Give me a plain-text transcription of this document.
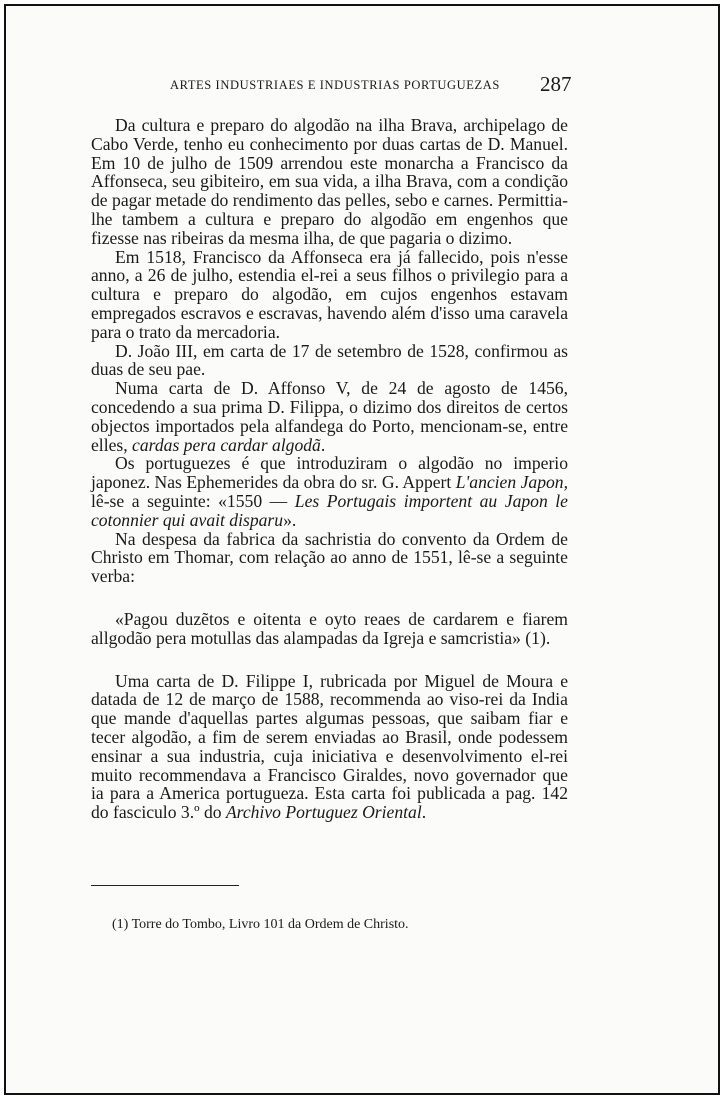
ARTES INDUSTRIAES E INDUSTRIAS PORTUGUEZAS	287

Da cultura e preparo do algodão na ilha Brava, archipelago de Cabo Verde, tenho eu conhecimento por duas cartas de D. Manuel. Em 10 de julho de 1509 arrendou este monarcha a Francisco da Affonseca, seu gibiteiro, em sua vida, a ilha Brava, com a condição de pagar metade do rendimento das pelles, sebo e carnes. Permittia-lhe tambem a cultura e preparo do algodão em engenhos que fizesse nas ribeiras da mesma ilha, de que pagaria o dizimo.

Em 1518, Francisco da Affonseca era já fallecido, pois n'esse anno, a 26 de julho, estendia el-rei a seus filhos o privilegio para a cultura e preparo do algodão, em cujos engenhos estavam empregados escravos e escravas, havendo além d'isso uma caravela para o trato da mercadoria.

D. João III, em carta de 17 de setembro de 1528, confirmou as duas de seu pae.

Numa carta de D. Affonso V, de 24 de agosto de 1456, concedendo a sua prima D. Filippa, o dizimo dos direitos de certos objectos importados pela alfandega do Porto, mencionam-se, entre elles, cardas pera cardar algodã.

Os portuguezes é que introduziram o algodão no imperio japonez. Nas Ephemerides da obra do sr. G. Appert L'ancien Japon, lê-se a seguinte: «1550 — Les Portugais importent au Japon le cotonnier qui avait disparu».

Na despesa da fabrica da sachristia do convento da Ordem de Christo em Thomar, com relação ao anno de 1551, lê-se a seguinte verba:

«Pagou duzẽtos e oitenta e oyto reaes de cardarem e fiarem allgodão pera motullas das alampadas da Igreja e samcristia» (1).

Uma carta de D. Filippe I, rubricada por Miguel de Moura e datada de 12 de março de 1588, recommenda ao viso-rei da India que mande d'aquellas partes algumas pessoas, que saibam fiar e tecer algodão, a fim de serem enviadas ao Brasil, onde podessem ensinar a sua industria, cuja iniciativa e desenvolvimento el-rei muito recommendava a Francisco Giraldes, novo governador que ia para a America portugueza. Esta carta foi publicada a pag. 142 do fasciculo 3.º do Archivo Portuguez Oriental.

(1) Torre do Tombo, Livro 101 da Ordem de Christo.
